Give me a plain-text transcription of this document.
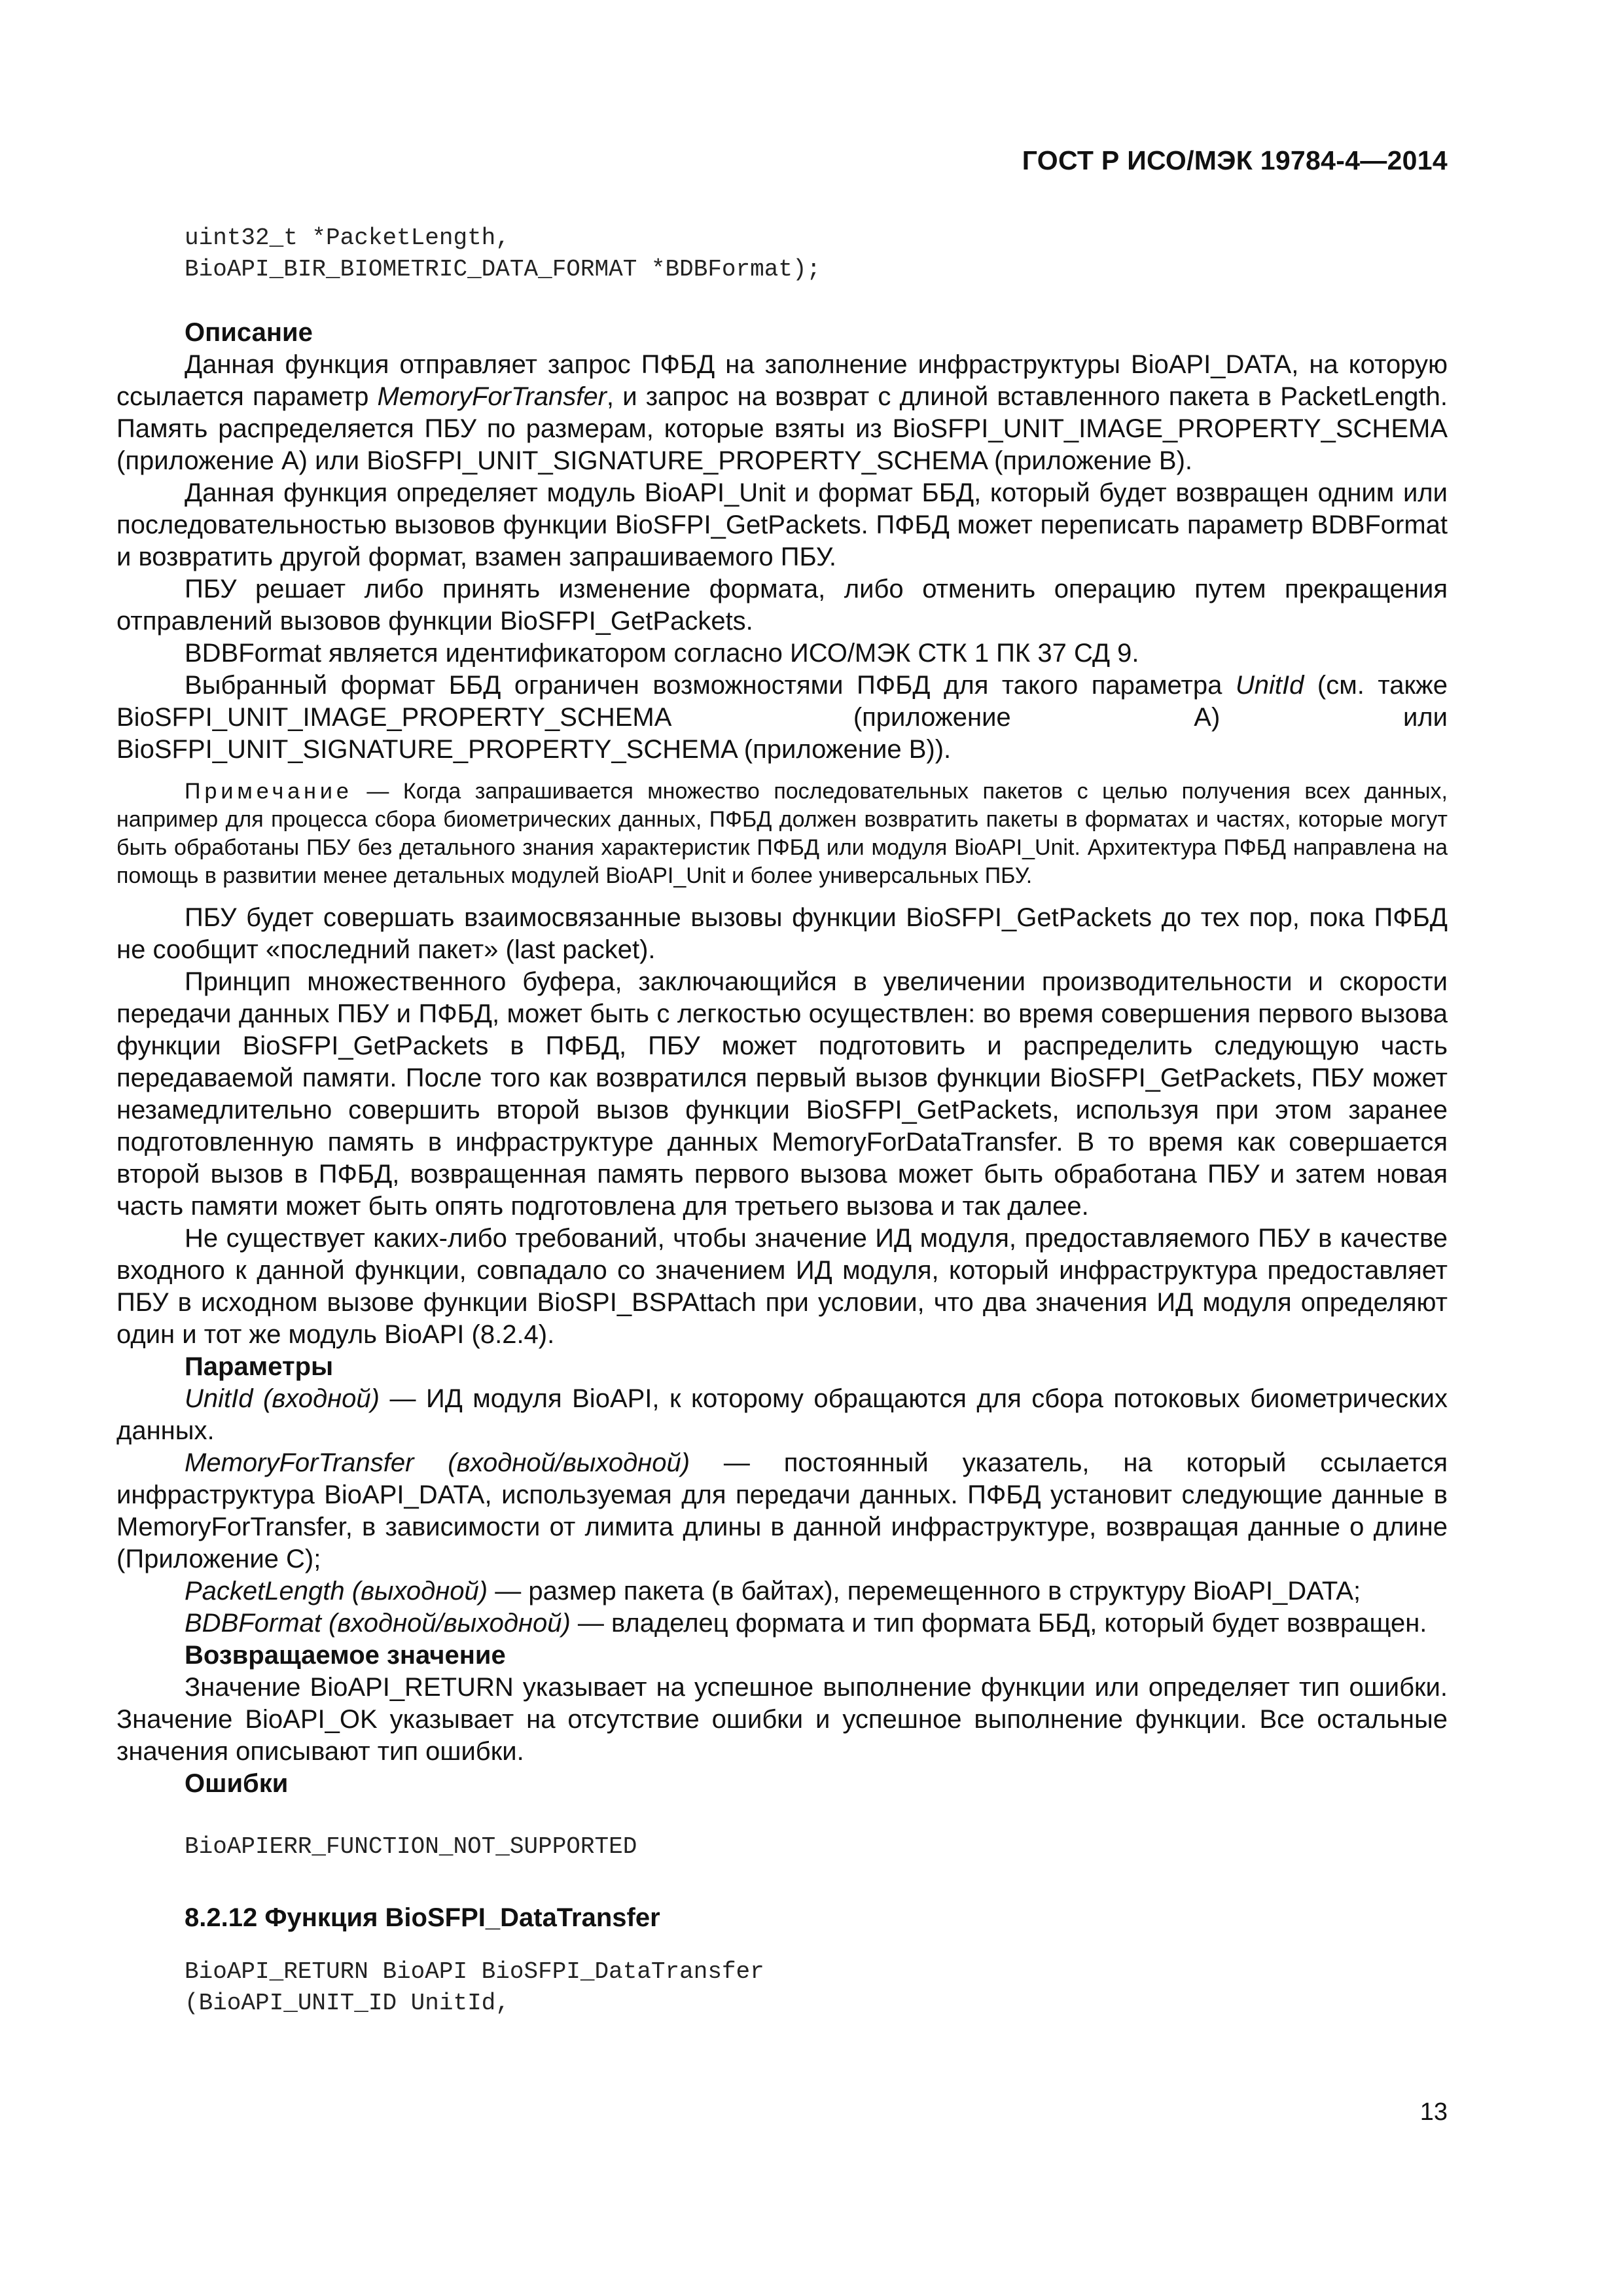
ГОСТ Р ИСО/МЭК 19784-4—2014
uint32_t *PacketLength,
BioAPI_BIR_BIOMETRIC_DATA_FORMAT *BDBFormat);
Описание

Данная функция отправляет запрос ПФБД на заполнение инфраструктуры BioAPI_DATA, на которую ссылается параметр MemoryForTransfer, и запрос на возврат с длиной вставленного пакета в PacketLength. Память распределяется ПБУ по размерам, которые взяты из BioSFPI_UNIT_IMAGE_PROPERTY_SCHEMA (приложение А) или BioSFPI_UNIT_SIGNATURE_PROPERTY_SCHEMA (приложение В).

Данная функция определяет модуль BioAPI_Unit и формат ББД, который будет возвращен одним или последовательностью вызовов функции BioSFPI_GetPackets. ПФБД может переписать параметр BDBFormat и возвратить другой формат, взамен запрашиваемого ПБУ.

ПБУ решает либо принять изменение формата, либо отменить операцию путем прекращения отправлений вызовов функции BioSFPI_GetPackets.

BDBFormat является идентификатором согласно ИСО/МЭК СТК 1 ПК 37 СД 9.

Выбранный формат ББД ограничен возможностями ПФБД для такого параметра UnitId (см. также BioSFPI_UNIT_IMAGE_PROPERTY_SCHEMA (приложение А) или BioSFPI_UNIT_SIGNATURE_PROPERTY_SCHEMA (приложение В)).

Примечание — Когда запрашивается множество последовательных пакетов с целью получения всех данных, например для процесса сбора биометрических данных, ПФБД должен возвратить пакеты в форматах и частях, которые могут быть обработаны ПБУ без детального знания характеристик ПФБД или модуля BioAPI_Unit. Архитектура ПФБД направлена на помощь в развитии менее детальных модулей BioAPI_Unit и более универсальных ПБУ.

ПБУ будет совершать взаимосвязанные вызовы функции BioSFPI_GetPackets до тех пор, пока ПФБД не сообщит «последний пакет» (last packet).

Принцип множественного буфера, заключающийся в увеличении производительности и скорости передачи данных ПБУ и ПФБД, может быть с легкостью осуществлен: во время совершения первого вызова функции BioSFPI_GetPackets в ПФБД, ПБУ может подготовить и распределить следующую часть передаваемой памяти. После того как возвратился первый вызов функции BioSFPI_GetPackets, ПБУ может незамедлительно совершить второй вызов функции BioSFPI_GetPackets, используя при этом заранее подготовленную память в инфраструктуре данных MemoryForDataTransfer. В то время как совершается второй вызов в ПФБД, возвращенная память первого вызова может быть обработана ПБУ и затем новая часть памяти может быть опять подготовлена для третьего вызова и так далее.

Не существует каких-либо требований, чтобы значение ИД модуля, предоставляемого ПБУ в качестве входного к данной функции, совпадало со значением ИД модуля, который инфраструктура предоставляет ПБУ в исходном вызове функции BioSPI_BSPAttach при условии, что два значения ИД модуля определяют один и тот же модуль BioAPI (8.2.4).

Параметры

UnitId (входной) — ИД модуля BioAPI, к которому обращаются для сбора потоковых биометрических данных.

MemoryForTransfer (входной/выходной) — постоянный указатель, на который ссылается инфраструктура BioAPI_DATA, используемая для передачи данных. ПФБД установит следующие данные в MemoryForTransfer, в зависимости от лимита длины в данной инфраструктуре, возвращая данные о длине (Приложение С);

PacketLength (выходной) — размер пакета (в байтах), перемещенного в структуру BioAPI_DATA;

BDBFormat (входной/выходной) — владелец формата и тип формата ББД, который будет возвращен.

Возвращаемое значение

Значение BioAPI_RETURN указывает на успешное выполнение функции или определяет тип ошибки. Значение BioAPI_OK указывает на отсутствие ошибки и успешное выполнение функции. Все остальные значения описывают тип ошибки.

Ошибки
BioAPIERR_FUNCTION_NOT_SUPPORTED
8.2.12 Функция BioSFPI_DataTransfer
BioAPI_RETURN BioAPI BioSFPI_DataTransfer
(BioAPI_UNIT_ID UnitId,
13
